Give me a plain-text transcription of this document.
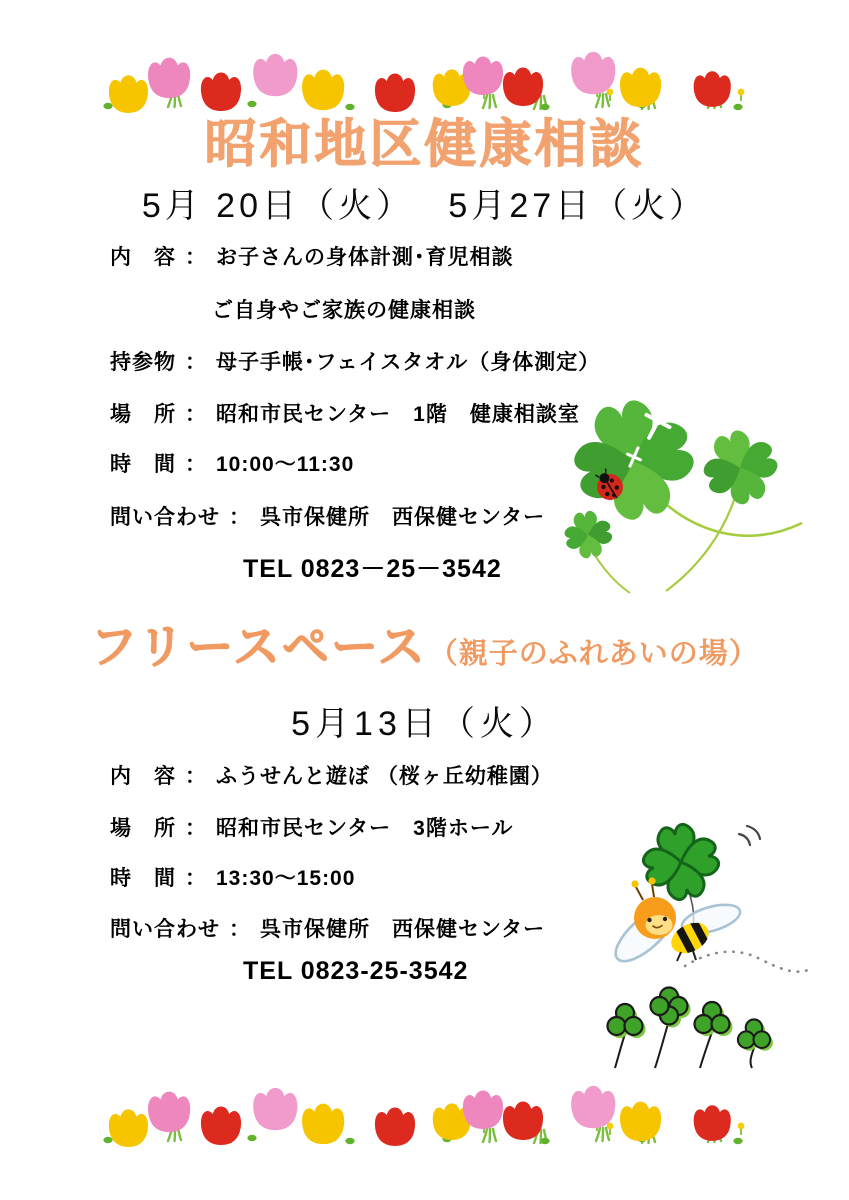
昭和地区健康相談
5月 20日（火）　 5月27日（火）
内　容 ： お子さんの身体計測･育児相談
ご自身やご家族の健康相談
持参物 ： 母子手帳･フェイスタオル（身体測定）
場　所 ： 昭和市民センター　1階　健康相談室
時　間 ： 10:00～11:30
問い合わせ ： 呉市保健所　西保健センター
TEL 0823－25－3542
フリースペース （親子のふれあいの場）
5月13日（火）
内　容 ： ふうせんと遊ぼ （桜ヶ丘幼稚園）
場　所 ： 昭和市民センター　3階ホール
時　間 ： 13:30～15:00
問い合わせ ： 呉市保健所　西保健センター
TEL 0823-25-3542
